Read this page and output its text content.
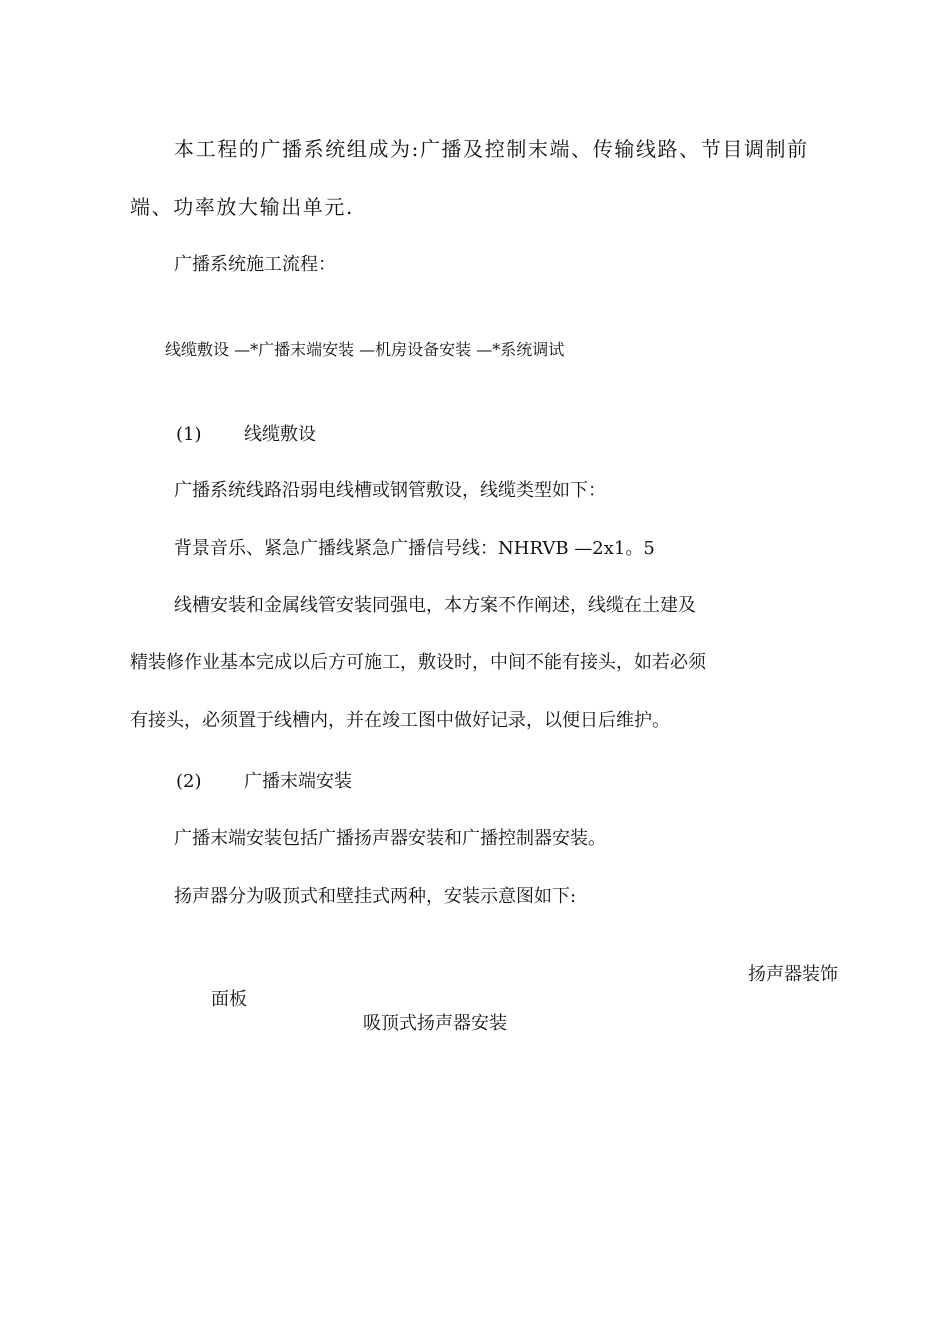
本工程的广播系统组成为:广播及控制末端、传输线路、节目调制前
端、功率放大输出单元.
广播系统施工流程：
线缆敷设 —*广播末端安装 —机房设备安装 —*系统调试
(1) 线缆敷设
广播系统线路沿弱电线槽或钢管敷设，线缆类型如下：
背景音乐、紧急广播线紧急广播信号线：NHRVB —2x1。5
线槽安装和金属线管安装同强电，本方案不作阐述，线缆在土建及
精装修作业基本完成以后方可施工，敷设时，中间不能有接头，如若必须
有接头，必须置于线槽内，并在竣工图中做好记录，以便日后维护。
(2) 广播末端安装
广播末端安装包括广播扬声器安装和广播控制器安装。
扬声器分为吸顶式和壁挂式两种，安装示意图如下:
扬声器装饰
面板
吸顶式扬声器安装
